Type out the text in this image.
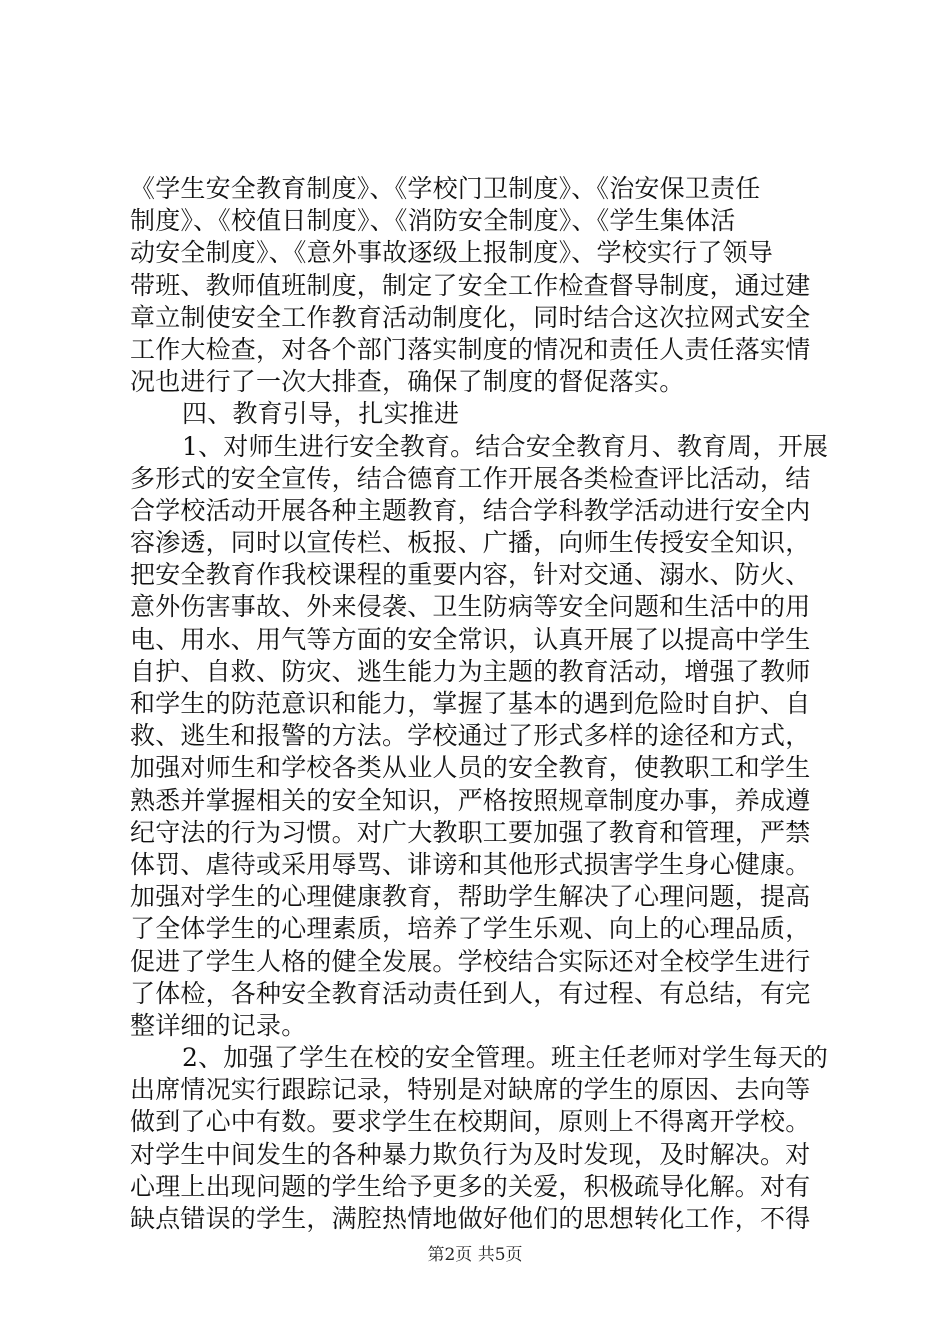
《学生安全教育制度》、《学校门卫制度》、《治安保卫责任
制度》、《校值日制度》、《消防安全制度》、《学生集体活
动安全制度》、《意外事故逐级上报制度》、学校实行了领导
带班、教师值班制度，制定了安全工作检查督导制度，通过建
章立制使安全工作教育活动制度化，同时结合这次拉网式安全
工作大检查，对各个部门落实制度的情况和责任人责任落实情
况也进行了一次大排查，确保了制度的督促落实。
四、教育引导，扎实推进
1、对师生进行安全教育。结合安全教育月、教育周，开展
多形式的安全宣传，结合德育工作开展各类检查评比活动，结
合学校活动开展各种主题教育，结合学科教学活动进行安全内
容渗透，同时以宣传栏、板报、广播，向师生传授安全知识，
把安全教育作我校课程的重要内容，针对交通、溺水、防火、
意外伤害事故、外来侵袭、卫生防病等安全问题和生活中的用
电、用水、用气等方面的安全常识，认真开展了以提高中学生
自护、自救、防灾、逃生能力为主题的教育活动，增强了教师
和学生的防范意识和能力，掌握了基本的遇到危险时自护、自
救、逃生和报警的方法。学校通过了形式多样的途径和方式，
加强对师生和学校各类从业人员的安全教育，使教职工和学生
熟悉并掌握相关的安全知识，严格按照规章制度办事，养成遵
纪守法的行为习惯。对广大教职工要加强了教育和管理，严禁
体罚、虐待或采用辱骂、诽谤和其他形式损害学生身心健康。
加强对学生的心理健康教育，帮助学生解决了心理问题，提高
了全体学生的心理素质，培养了学生乐观、向上的心理品质，
促进了学生人格的健全发展。学校结合实际还对全校学生进行
了体检，各种安全教育活动责任到人，有过程、有总结，有完
整详细的记录。
2、加强了学生在校的安全管理。班主任老师对学生每天的
出席情况实行跟踪记录，特别是对缺席的学生的原因、去向等
做到了心中有数。要求学生在校期间，原则上不得离开学校。
对学生中间发生的各种暴力欺负行为及时发现，及时解决。对
心理上出现问题的学生给予更多的关爱，积极疏导化解。对有
缺点错误的学生，满腔热情地做好他们的思想转化工作，不得
第2页 共5页
